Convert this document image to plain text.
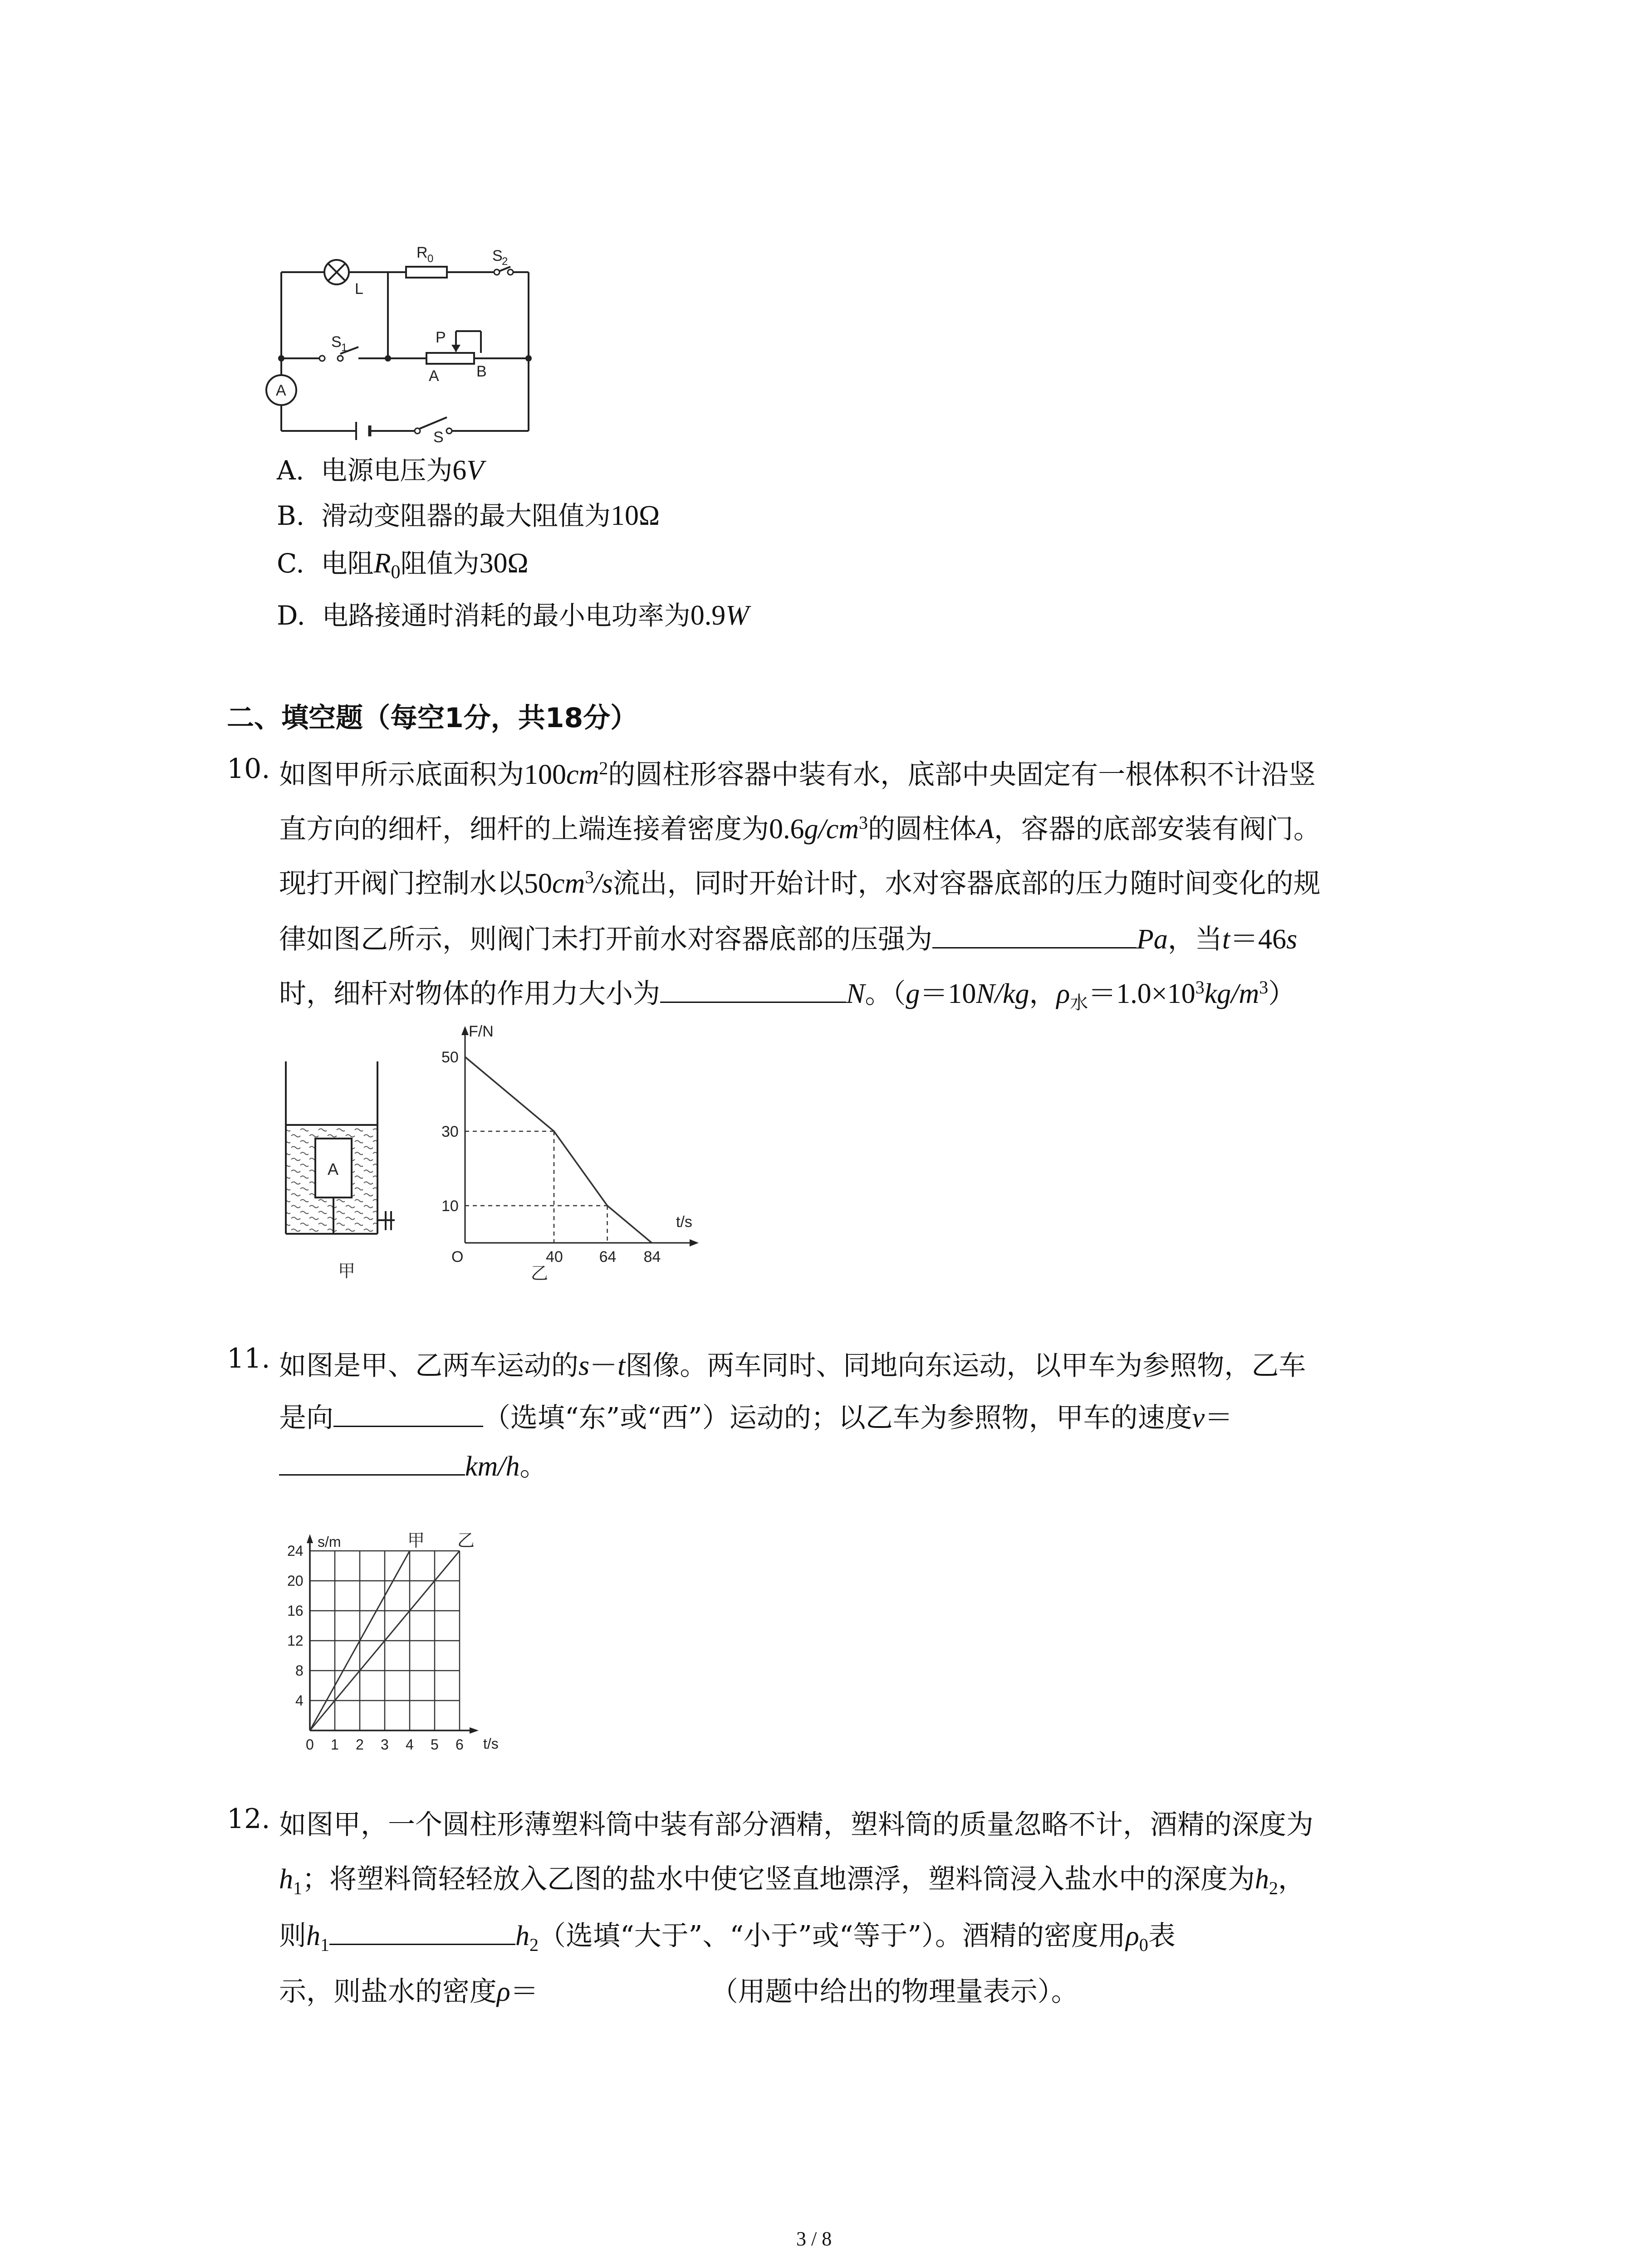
L
R 0	S
2
S 1
P
A B
A
S
A. 电源电压为6V
B. 滑动变阻器的最大阻值为10Ω
C. 电阻$R_0$阻值为30Ω
D. 电路接通时消耗的最小电功率为0.9W
二、填空题（每空1分，共18分）
10. 如图甲所示底面积为$100cm^2$的圆柱形容器中装有水，底部中央固定有一根体积不计沿竖
直方向的细杆，细杆的上端连接着密度为$0.6g/cm^3$的圆柱体A，容器的底部安装有阀门。
现打开阀门控制水以$50cm^3/s$流出，同时开始计时，水对容器底部的压力随时间变化的规
律如图乙所示，则阀门未打开前水对容器底部的压强为	Pa，当t＝46s
时，细杆对物体的作用力大小为	N。（g＝10N/kg，$\rho_水=1.0\times 10^3kg/m^3$）
A
甲
40 64 84
10
30
50
F/N
t/s
O
乙
11. 如图是甲、乙两车运动的s－t图像。两车同时、同地向东运动，以甲车为参照物，乙车
是向	（选填“东”或“西”）运动的；以乙车为参照物，甲车的速度v＝
km/h。
0 1 2 3 4 5 6
4
8
12
16
20
24
甲 乙
s/m
t/s
12. 如图甲，一个圆柱形薄塑料筒中装有部分酒精，塑料筒的质量忽略不计，酒精的深度为
$h_1$；将塑料筒轻轻放入乙图的盐水中使它竖直地漂浮，塑料筒浸入盐水中的深度为$h_2$，
则$h_1$	$h_2$（选填“大于”、“小于”或“等于”）。酒精的密度用$\rho_0$表
示，则盐水的密度ρ＝	（用题中给出的物理量表示）。
3 / 8
